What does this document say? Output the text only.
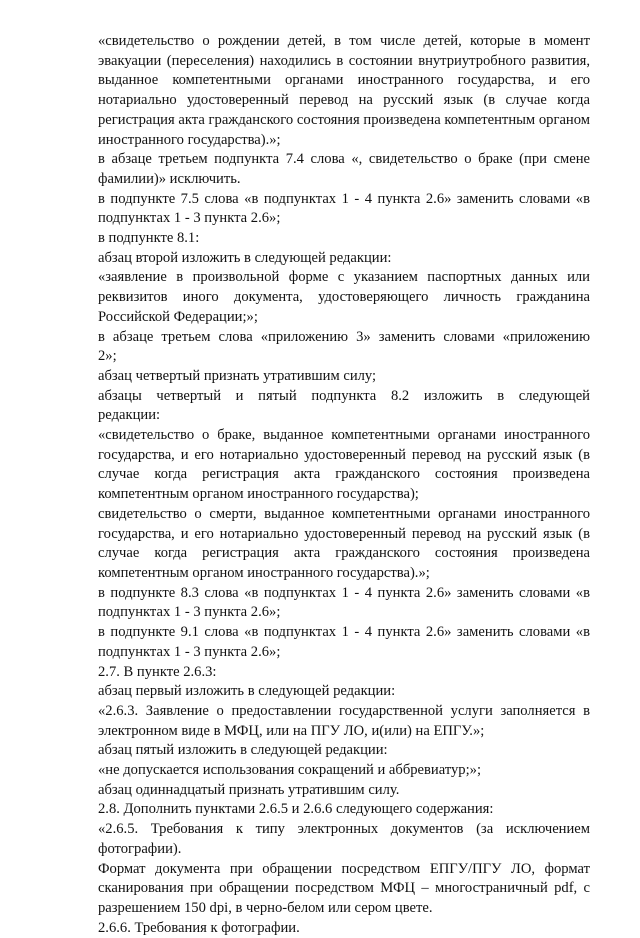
«свидетельство о рождении детей, в том числе детей, которые в момент
эвакуации (переселения) находились в состоянии внутриутробного развития,
выданное компетентными органами иностранного государства, и его
нотариально удостоверенный перевод на русский язык (в случае когда
регистрация акта гражданского состояния произведена компетентным органом
иностранного государства).»;
в абзаце третьем подпункта 7.4 слова «, свидетельство о браке (при смене
фамилии)» исключить.
в подпункте 7.5 слова «в подпунктах 1 - 4 пункта 2.6» заменить словами «в
подпунктах 1 - 3 пункта 2.6»;
в подпункте 8.1:
абзац второй изложить в следующей редакции:
«заявление в произвольной форме с указанием паспортных данных или
реквизитов иного документа, удостоверяющего личность гражданина
Российской Федерации;»;
в абзаце третьем слова «приложению 3» заменить словами «приложению
2»;
абзац четвертый признать утратившим силу;
абзацы четвертый и пятый подпункта 8.2 изложить в следующей
редакции:
«свидетельство о браке, выданное компетентными органами иностранного
государства, и его нотариально удостоверенный перевод на русский язык (в
случае когда регистрация акта гражданского состояния произведена
компетентным органом иностранного государства);
свидетельство о смерти, выданное компетентными органами иностранного
государства, и его нотариально удостоверенный перевод на русский язык (в
случае когда регистрация акта гражданского состояния произведена
компетентным органом иностранного государства).»;
в подпункте 8.3 слова «в подпунктах 1 - 4 пункта 2.6» заменить словами «в
подпунктах 1 - 3 пункта 2.6»;
в подпункте 9.1 слова «в подпунктах 1 - 4 пункта 2.6» заменить словами «в
подпунктах 1 - 3 пункта 2.6»;
2.7. В пункте 2.6.3:
абзац первый изложить в следующей редакции:
«2.6.3. Заявление о предоставлении государственной услуги заполняется в
электронном виде в МФЦ, или на ПГУ ЛО, и(или) на ЕПГУ.»;
абзац пятый изложить в следующей редакции:
«не допускается использования сокращений и аббревиатур;»;
абзац одиннадцатый признать утратившим силу.
2.8. Дополнить пунктами 2.6.5 и 2.6.6 следующего содержания:
«2.6.5. Требования к типу электронных документов (за исключением
фотографии).
Формат документа при обращении посредством ЕПГУ/ПГУ ЛО, формат
сканирования при обращении посредством МФЦ – многостраничный pdf, с
разрешением 150 dpi, в черно-белом или сером цвете.
2.6.6. Требования к фотографии.
